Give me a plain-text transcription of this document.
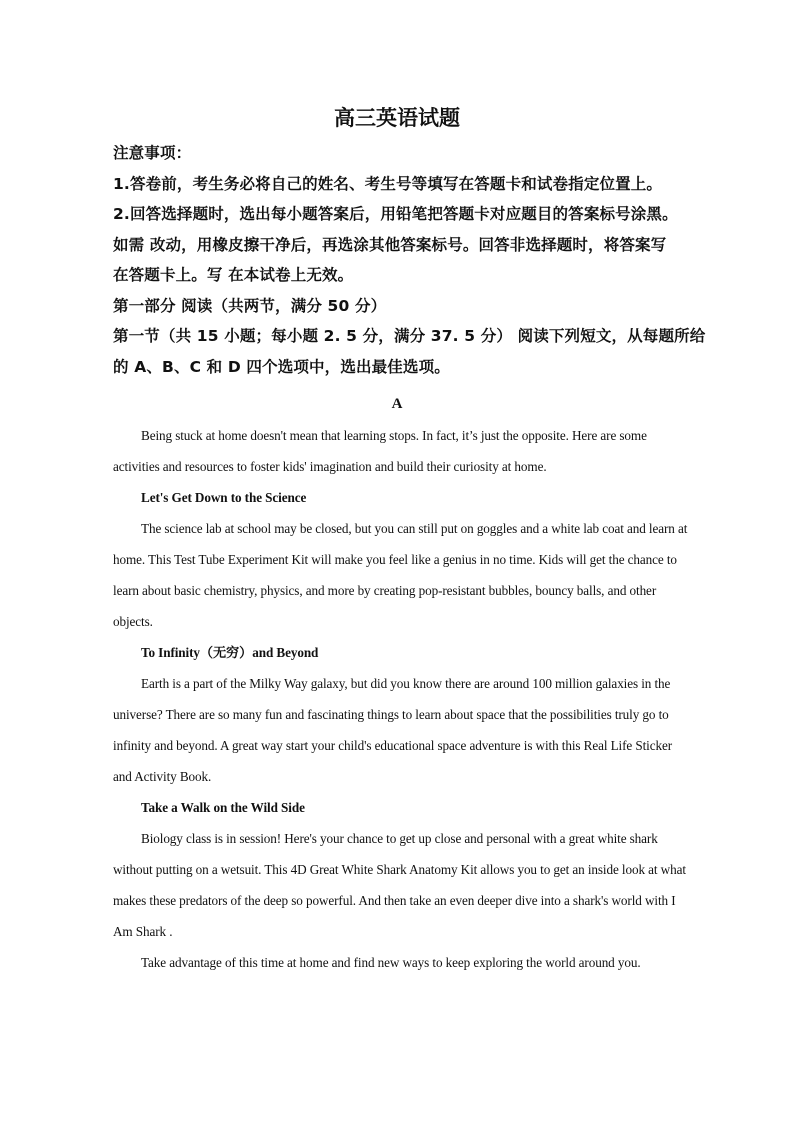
高三英语试题

注意事项：

1.答卷前，考生务必将自己的姓名、考生号等填写在答题卡和试卷指定位置上。

2.回答选择题时，选出每小题答案后，用铅笔把答题卡对应题目的答案标号涂黑。

如需 改动，用橡皮擦干净后，再选涂其他答案标号。回答非选择题时，将答案写

在答题卡上。写 在本试卷上无效。

第一部分 阅读（共两节，满分 50 分）

第一节（共 15 小题；每小题 2. 5 分，满分 37. 5 分） 阅读下列短文，从每题所给

的 A、B、C 和 D 四个选项中，选出最佳选项。

A

Being stuck at home doesn't mean that learning stops. In fact, it’s just the opposite. Here are some activities and resources to foster kids' imagination and build their curiosity at home.

Let's Get Down to the Science

The science lab at school may be closed, but you can still put on goggles and a white lab coat and learn at home. This Test Tube Experiment Kit will make you feel like a genius in no time. Kids will get the chance to learn about basic chemistry, physics, and more by creating pop-resistant bubbles, bouncy balls, and other objects.

To Infinity（无穷）and Beyond

Earth is a part of the Milky Way galaxy, but did you know there are around 100 million galaxies in the universe? There are so many fun and fascinating things to learn about space that the possibilities truly go to infinity and beyond. A great way start your child's educational space adventure is with this Real Life Sticker and Activity Book.

Take a Walk on the Wild Side

Biology class is in session! Here's your chance to get up close and personal with a great white shark without putting on a wetsuit. This 4D Great White Shark Anatomy Kit allows you to get an inside look at what makes these predators of the deep so powerful. And then take an even deeper dive into a shark's world with I Am Shark .

Take advantage of this time at home and find new ways to keep exploring the world around you.
